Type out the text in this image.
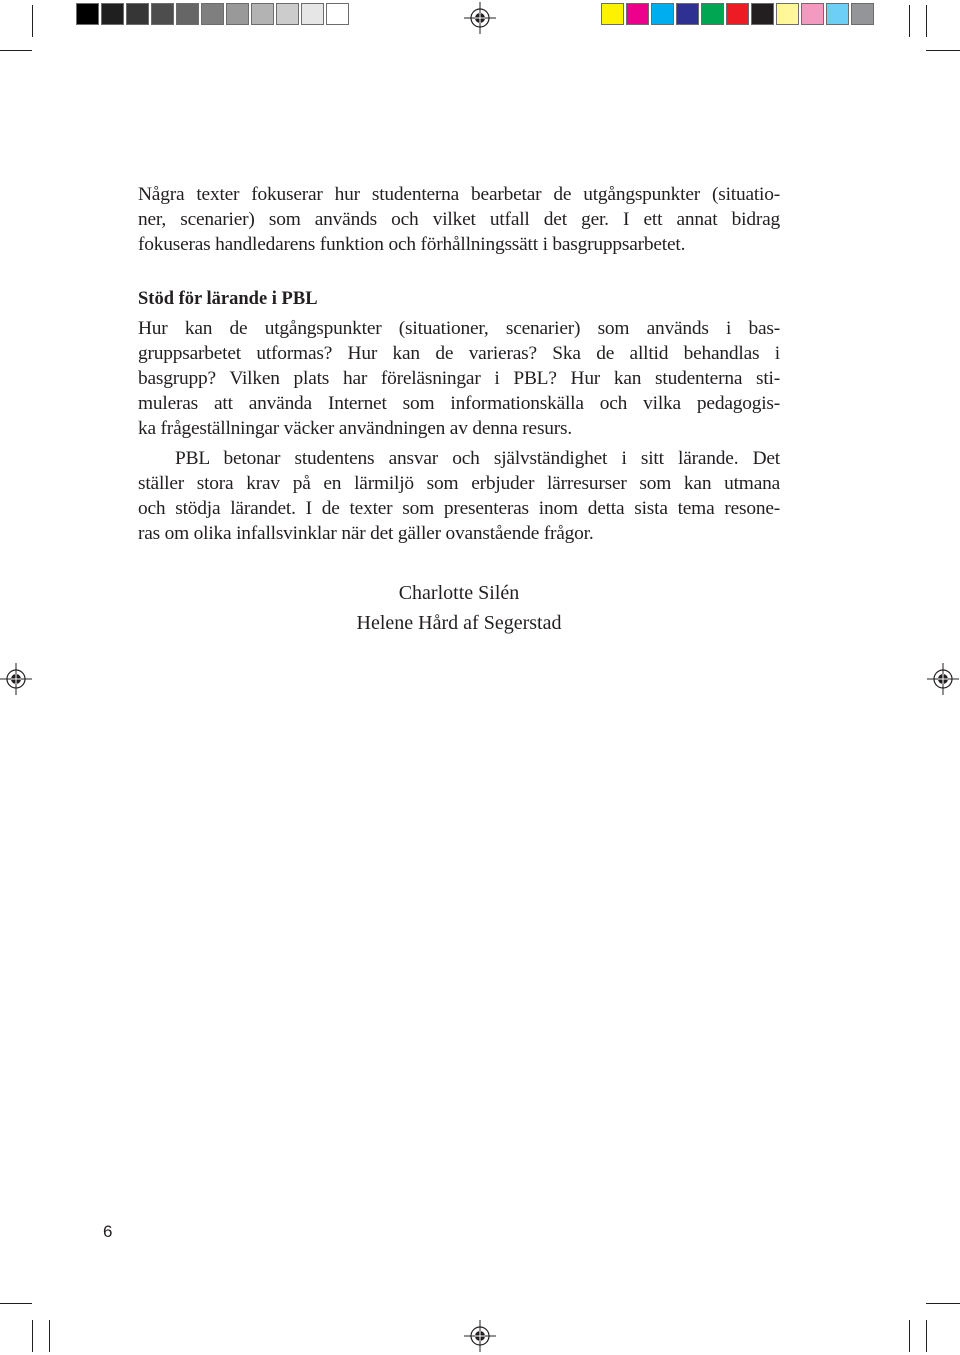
Några texter fokuserar hur studenterna bearbetar de utgångspunkter (situatio-
ner, scenarier) som används och vilket utfall det ger. I ett annat bidrag
fokuseras handledarens funktion och förhållningssätt i basgruppsarbetet.
Stöd för lärande i PBL
Hur kan de utgångspunkter (situationer, scenarier) som används i bas-
gruppsarbetet utformas? Hur kan de varieras? Ska de alltid behandlas i
basgrupp? Vilken plats har föreläsningar i PBL? Hur kan studenterna sti-
muleras att använda Internet som informationskälla och vilka pedagogis-
ka frågeställningar väcker användningen av denna resurs.
PBL betonar studentens ansvar och självständighet i sitt lärande. Det
ställer stora krav på en lärmiljö som erbjuder lärresurser som kan utmana
och stödja lärandet. I de texter som presenteras inom detta sista tema resone-
ras om olika infallsvinklar när det gäller ovanstående frågor.
Charlotte Silén
Helene Hård af Segerstad
6
